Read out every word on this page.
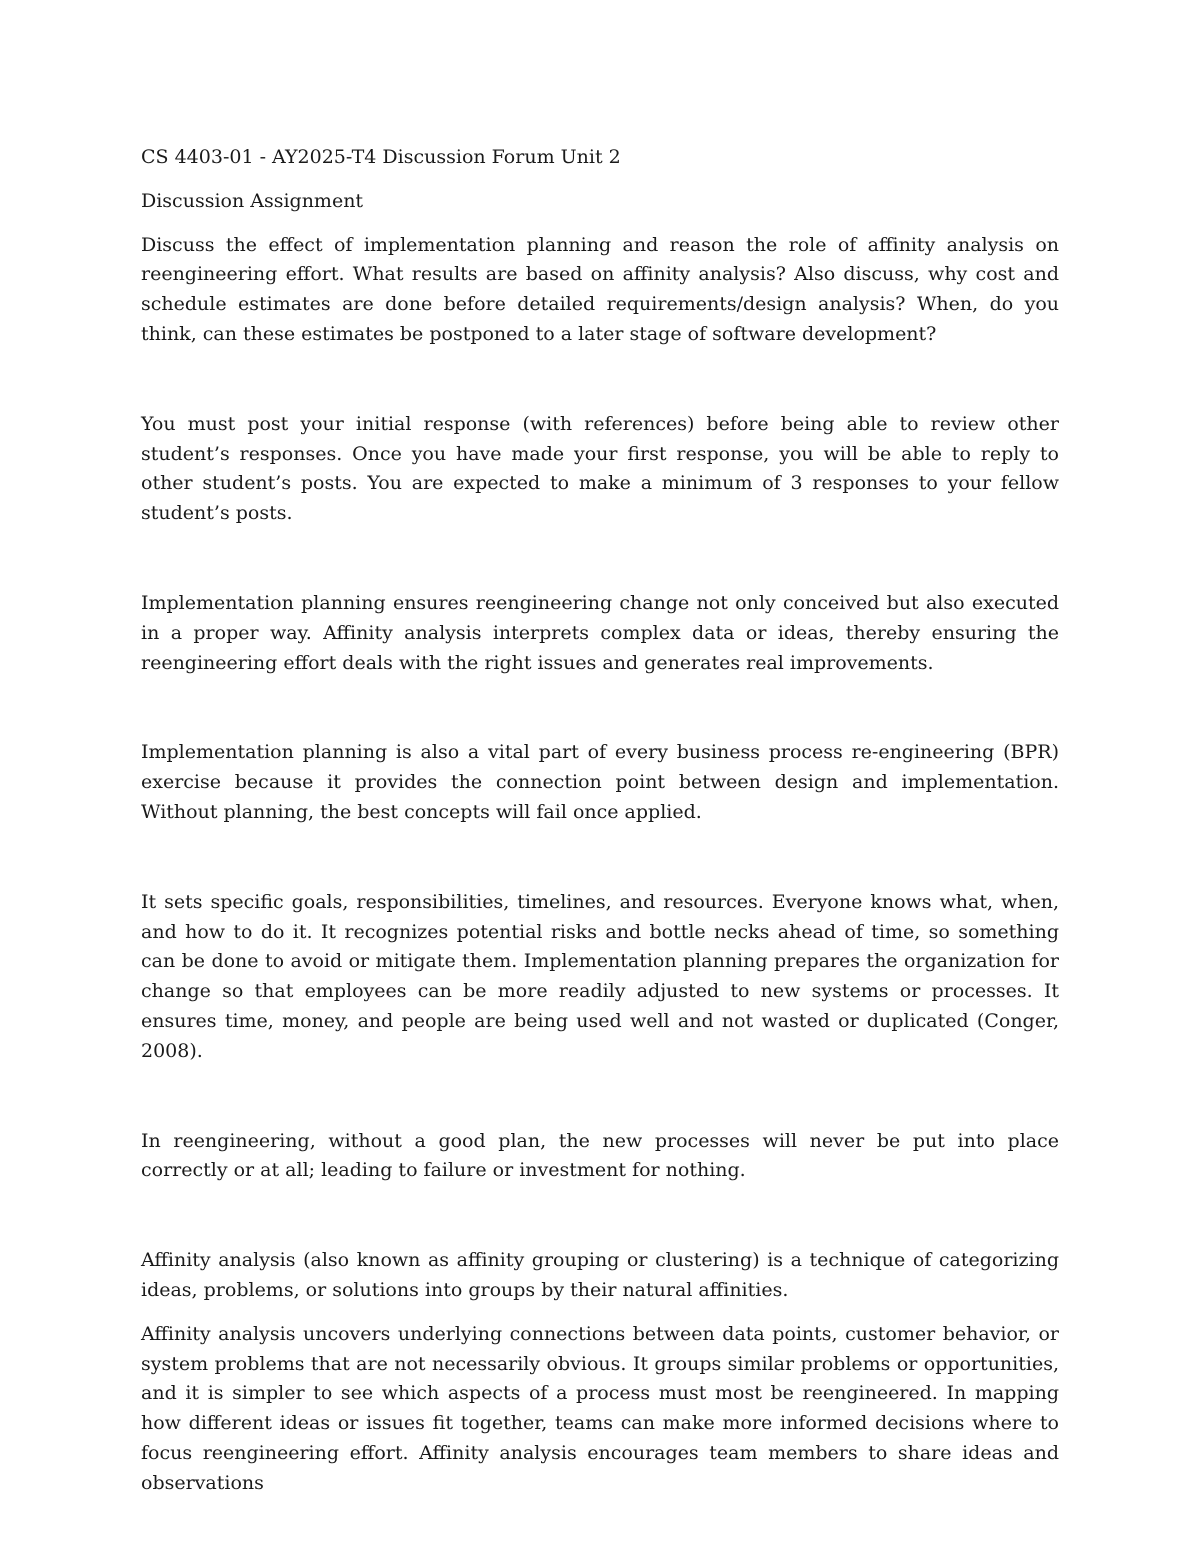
CS 4403-01 - AY2025-T4 Discussion Forum Unit 2
Discussion Assignment

Discuss the effect of implementation planning and reason the role of affinity analysis on reengineering effort. What results are based on affinity analysis? Also discuss, why cost and schedule estimates are done before detailed requirements/design analysis? When, do you think, can these estimates be postponed to a later stage of software development?

You must post your initial response (with references) before being able to review other student’s responses. Once you have made your first response, you will be able to reply to other student’s posts. You are expected to make a minimum of 3 responses to your fellow student’s posts.

Implementation planning ensures reengineering change not only conceived but also executed in a proper way. Affinity analysis interprets complex data or ideas, thereby ensuring the reengineering effort deals with the right issues and generates real improvements.

Implementation planning is also a vital part of every business process re-engineering (BPR) exercise because it provides the connection point between design and implementation. Without planning, the best concepts will fail once applied.

It sets specific goals, responsibilities, timelines, and resources. Everyone knows what, when, and how to do it. It recognizes potential risks and bottle necks ahead of time, so something can be done to avoid or mitigate them. Implementation planning prepares the organization for change so that employees can be more readily adjusted to new systems or processes. It ensures time, money, and people are being used well and not wasted or duplicated (Conger, 2008).

In reengineering, without a good plan, the new processes will never be put into place correctly or at all; leading to failure or investment for nothing.

Affinity analysis (also known as affinity grouping or clustering) is a technique of categorizing ideas, problems, or solutions into groups by their natural affinities.

Affinity analysis uncovers underlying connections between data points, customer behavior, or system problems that are not necessarily obvious. It groups similar problems or opportunities, and it is simpler to see which aspects of a process must most be reengineered. In mapping how different ideas or issues fit together, teams can make more informed decisions where to focus reengineering effort. Affinity analysis encourages team members to share ideas and observations
